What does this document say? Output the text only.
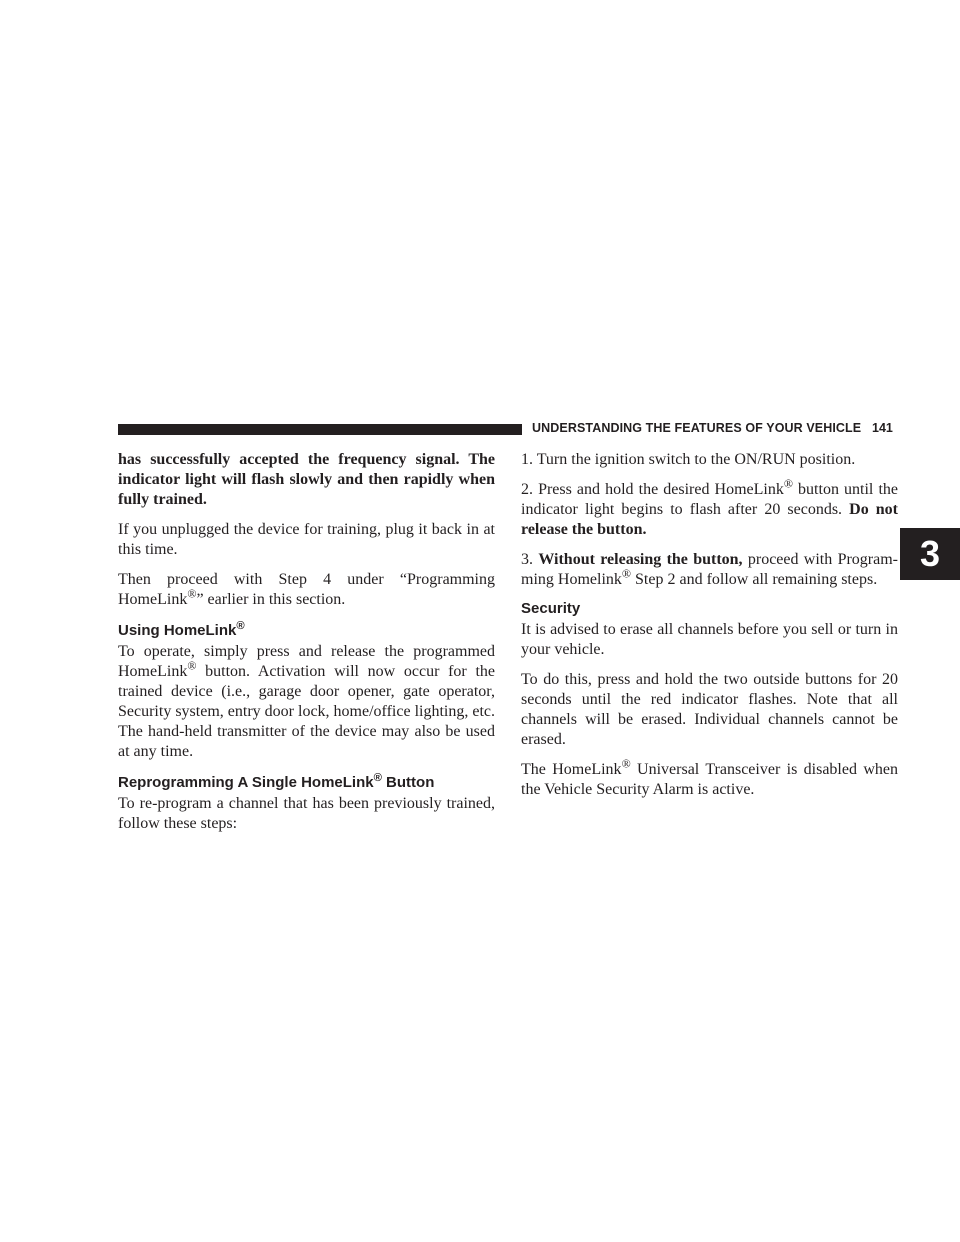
UNDERSTANDING THE FEATURES OF YOUR VEHICLE 141
3

has successfully accepted the frequency signal. The indicator light will flash slowly and then rapidly when fully trained.

If you unplugged the device for training, plug it back in at this time.

Then proceed with Step 4 under “Programming HomeLink®” earlier in this section.

Using HomeLink®

To operate, simply press and release the programmed HomeLink® button. Activation will now occur for the trained device (i.e., garage door opener, gate operator, Security system, entry door lock, home/office lighting, etc. The hand-held transmitter of the device may also be used at any time.

Reprogramming A Single HomeLink® Button

To re-program a channel that has been previously trained, follow these steps:

1. Turn the ignition switch to the ON/RUN position.

2. Press and hold the desired HomeLink® button until the indicator light begins to flash after 20 seconds. Do not release the button.

3. Without releasing the button, proceed with Program-ming Homelink® Step 2 and follow all remaining steps.

Security

It is advised to erase all channels before you sell or turn in your vehicle.

To do this, press and hold the two outside buttons for 20 seconds until the red indicator flashes. Note that all channels will be erased. Individual channels cannot be erased.

The HomeLink® Universal Transceiver is disabled when the Vehicle Security Alarm is active.
